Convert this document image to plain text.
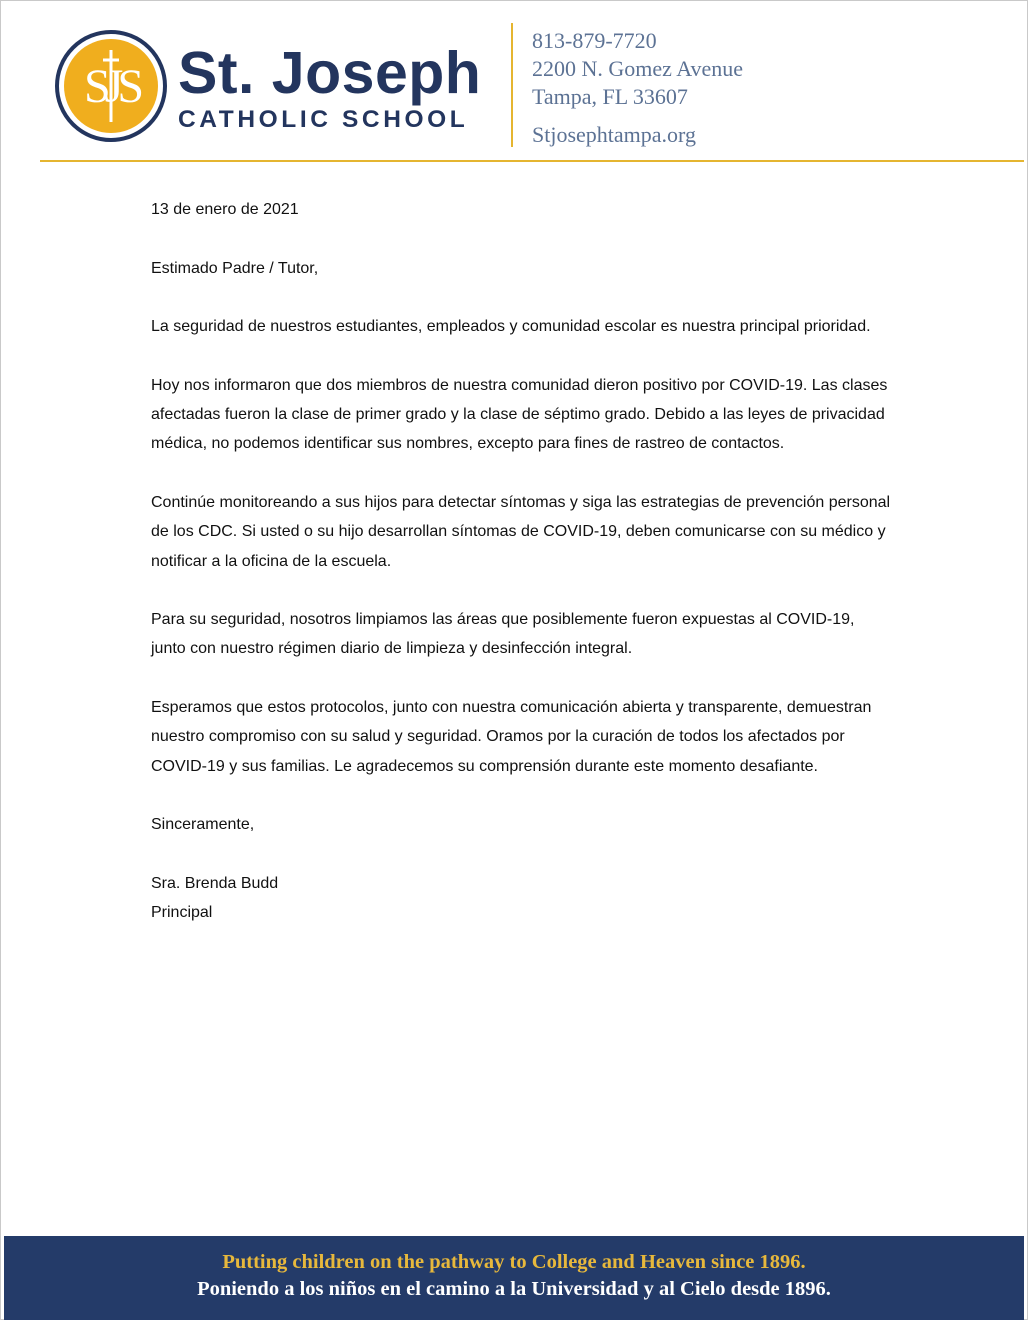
SJS St. Joseph
CATHOLIC SCHOOL
813-879-7720
2200 N. Gomez Avenue
Tampa, FL 33607
Stjosephtampa.org

13 de enero de 2021

Estimado Padre / Tutor,

La seguridad de nuestros estudiantes, empleados y comunidad escolar es nuestra principal prioridad.

Hoy nos informaron que dos miembros de nuestra comunidad dieron positivo por COVID-19. Las clases afectadas fueron la clase de primer grado y la clase de séptimo grado. Debido a las leyes de privacidad médica, no podemos identificar sus nombres, excepto para fines de rastreo de contactos.

Continúe monitoreando a sus hijos para detectar síntomas y siga las estrategias de prevención personal de los CDC. Si usted o su hijo desarrollan síntomas de COVID-19, deben comunicarse con su médico y notificar a la oficina de la escuela.

Para su seguridad, nosotros limpiamos las áreas que posiblemente fueron expuestas al COVID-19, junto con nuestro régimen diario de limpieza y desinfección integral.

Esperamos que estos protocolos, junto con nuestra comunicación abierta y transparente, demuestran nuestro compromiso con su salud y seguridad. Oramos por la curación de todos los afectados por COVID-19 y sus familias. Le agradecemos su comprensión durante este momento desafiante.

Sinceramente,

Sra. Brenda Budd

Principal

Putting children on the pathway to College and Heaven since 1896.
Poniendo a los niños en el camino a la Universidad y al Cielo desde 1896.
